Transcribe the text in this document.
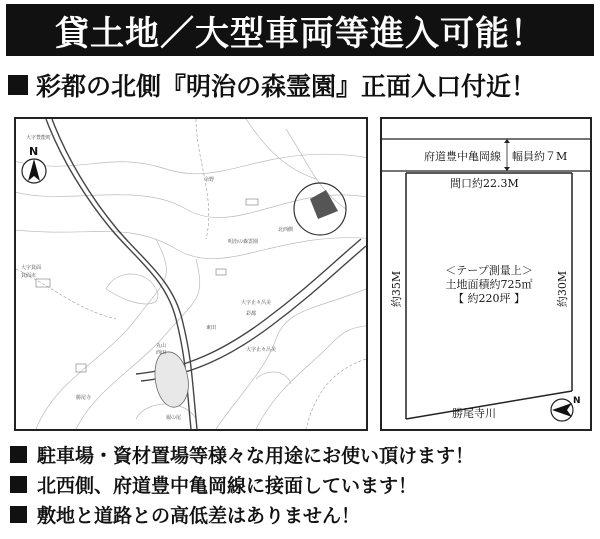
貸土地／大型車両等進入可能！
彩都の北側『明治の森霊園』正面入口付近！
N
大字豊能町
余野
北西側
大字箕面
箕面市
大字止々呂美
彩都
東田
丸山
西田	大字止々呂美
堀の尾
明治の森霊園
勝尾寺
府道豊中亀岡線 幅員約７M
間口約22.3M
約35M	約30M
＜テープ測量上＞
土地面積約725㎡
【 約220坪 】
勝尾寺川
N
駐車場・資材置場等様々な用途にお使い頂けます！
北西側、府道豊中亀岡線に接面しています！
敷地と道路との高低差はありません！
